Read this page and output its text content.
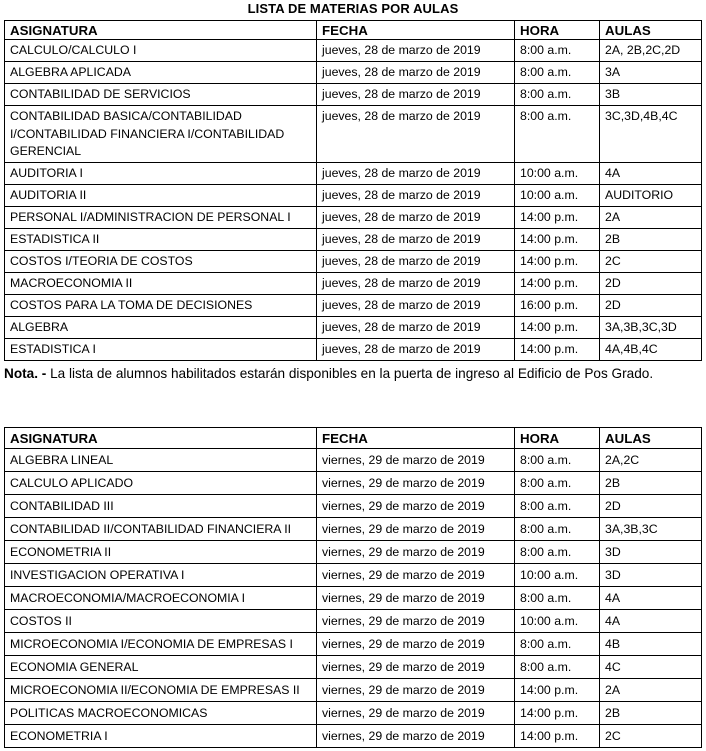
LISTA DE MATERIAS POR AULAS
ASIGNATURA	FECHA	HORA	AULAS
CALCULO/CALCULO I	jueves, 28 de marzo de 2019	8:00 a.m.	2A, 2B,2C,2D
ALGEBRA APLICADA	jueves, 28 de marzo de 2019	8:00 a.m.	3A
CONTABILIDAD DE SERVICIOS	jueves, 28 de marzo de 2019	8:00 a.m.	3B
CONTABILIDAD BASICA/CONTABILIDAD I/CONTABILIDAD FINANCIERA I/CONTABILIDAD GERENCIAL	jueves, 28 de marzo de 2019	8:00 a.m.	3C,3D,4B,4C
AUDITORIA I	jueves, 28 de marzo de 2019	10:00 a.m.	4A
AUDITORIA II	jueves, 28 de marzo de 2019	10:00 a.m.	AUDITORIO
PERSONAL I/ADMINISTRACION DE PERSONAL I	jueves, 28 de marzo de 2019	14:00 p.m.	2A
ESTADISTICA II	jueves, 28 de marzo de 2019	14:00 p.m.	2B
COSTOS I/TEORIA DE COSTOS	jueves, 28 de marzo de 2019	14:00 p.m.	2C
MACROECONOMIA II	jueves, 28 de marzo de 2019	14:00 p.m.	2D
COSTOS PARA LA TOMA DE DECISIONES	jueves, 28 de marzo de 2019	16:00 p.m.	2D
ALGEBRA	jueves, 28 de marzo de 2019	14:00 p.m.	3A,3B,3C,3D
ESTADISTICA I	jueves, 28 de marzo de 2019	14:00 p.m.	4A,4B,4C
Nota. - La lista de alumnos habilitados estarán disponibles en la puerta de ingreso al Edificio de Pos Grado.
ASIGNATURA	FECHA	HORA	AULAS
ALGEBRA LINEAL	viernes, 29 de marzo de 2019	8:00 a.m.	2A,2C
CALCULO APLICADO	viernes, 29 de marzo de 2019	8:00 a.m.	2B
CONTABILIDAD III	viernes, 29 de marzo de 2019	8:00 a.m.	2D
CONTABILIDAD II/CONTABILIDAD FINANCIERA II	viernes, 29 de marzo de 2019	8:00 a.m.	3A,3B,3C
ECONOMETRIA II	viernes, 29 de marzo de 2019	8:00 a.m.	3D
INVESTIGACION OPERATIVA I	viernes, 29 de marzo de 2019	10:00 a.m.	3D
MACROECONOMIA/MACROECONOMIA I	viernes, 29 de marzo de 2019	8:00 a.m.	4A
COSTOS II	viernes, 29 de marzo de 2019	10:00 a.m.	4A
MICROECONOMIA I/ECONOMIA DE EMPRESAS I	viernes, 29 de marzo de 2019	8:00 a.m.	4B
ECONOMIA GENERAL	viernes, 29 de marzo de 2019	8:00 a.m.	4C
MICROECONOMIA II/ECONOMIA DE EMPRESAS II	viernes, 29 de marzo de 2019	14:00 p.m.	2A
POLITICAS MACROECONOMICAS	viernes, 29 de marzo de 2019	14:00 p.m.	2B
ECONOMETRIA I	viernes, 29 de marzo de 2019	14:00 p.m.	2C
